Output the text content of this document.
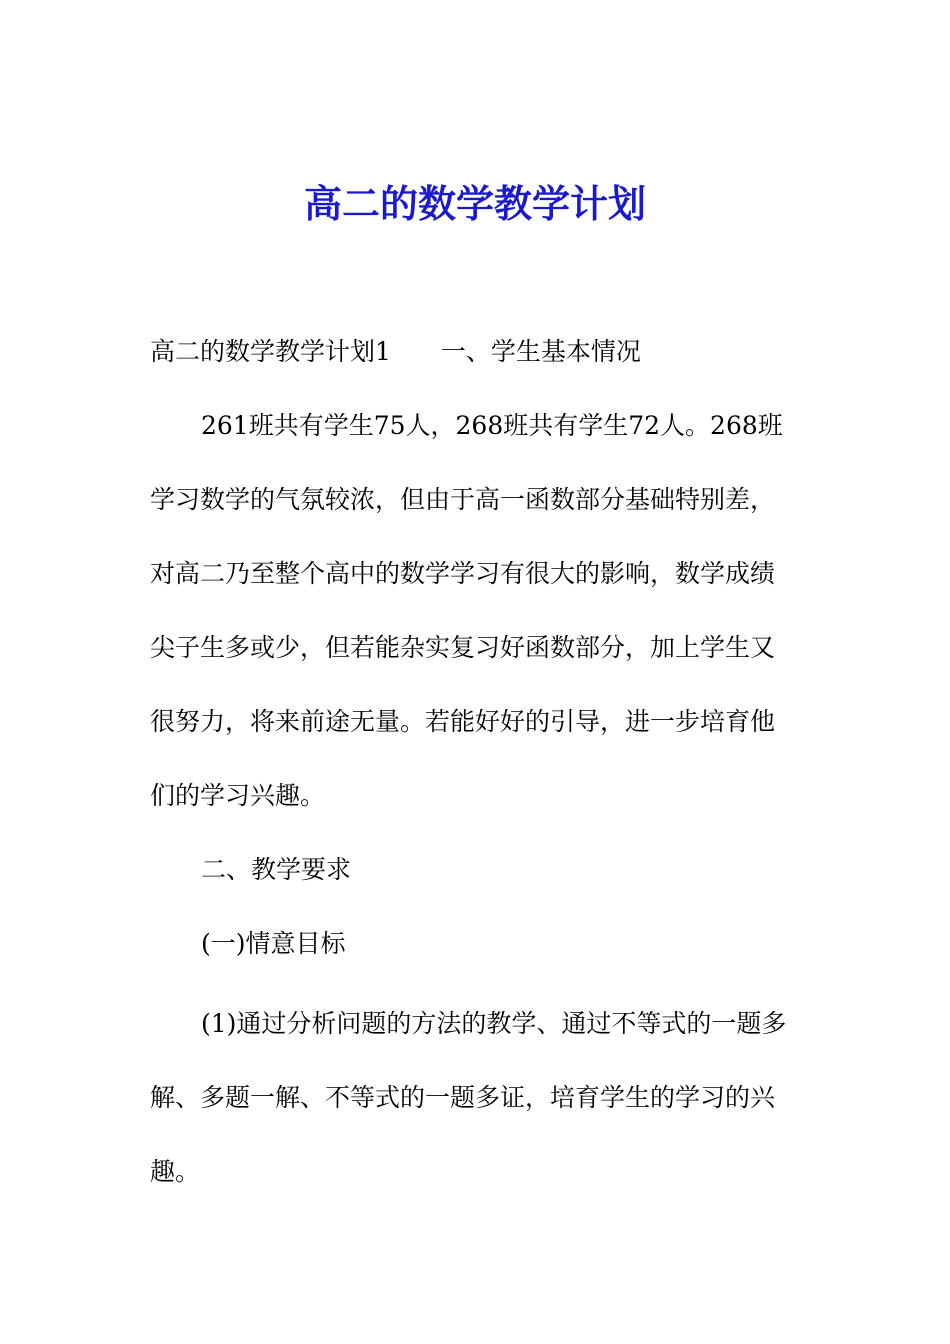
高二的数学教学计划

高二的数学教学计划1 一、学生基本情况

261班共有学生75人，268班共有学生72人。268班

学习数学的气氛较浓，但由于高一函数部分基础特别差，

对高二乃至整个高中的数学学习有很大的影响，数学成绩

尖子生多或少，但若能杂实复习好函数部分，加上学生又

很努力，将来前途无量。若能好好的引导，进一步培育他

们的学习兴趣。

二、教学要求

(一)情意目标

(1)通过分析问题的方法的教学、通过不等式的一题多

解、多题一解、不等式的一题多证，培育学生的学习的兴

趣。
